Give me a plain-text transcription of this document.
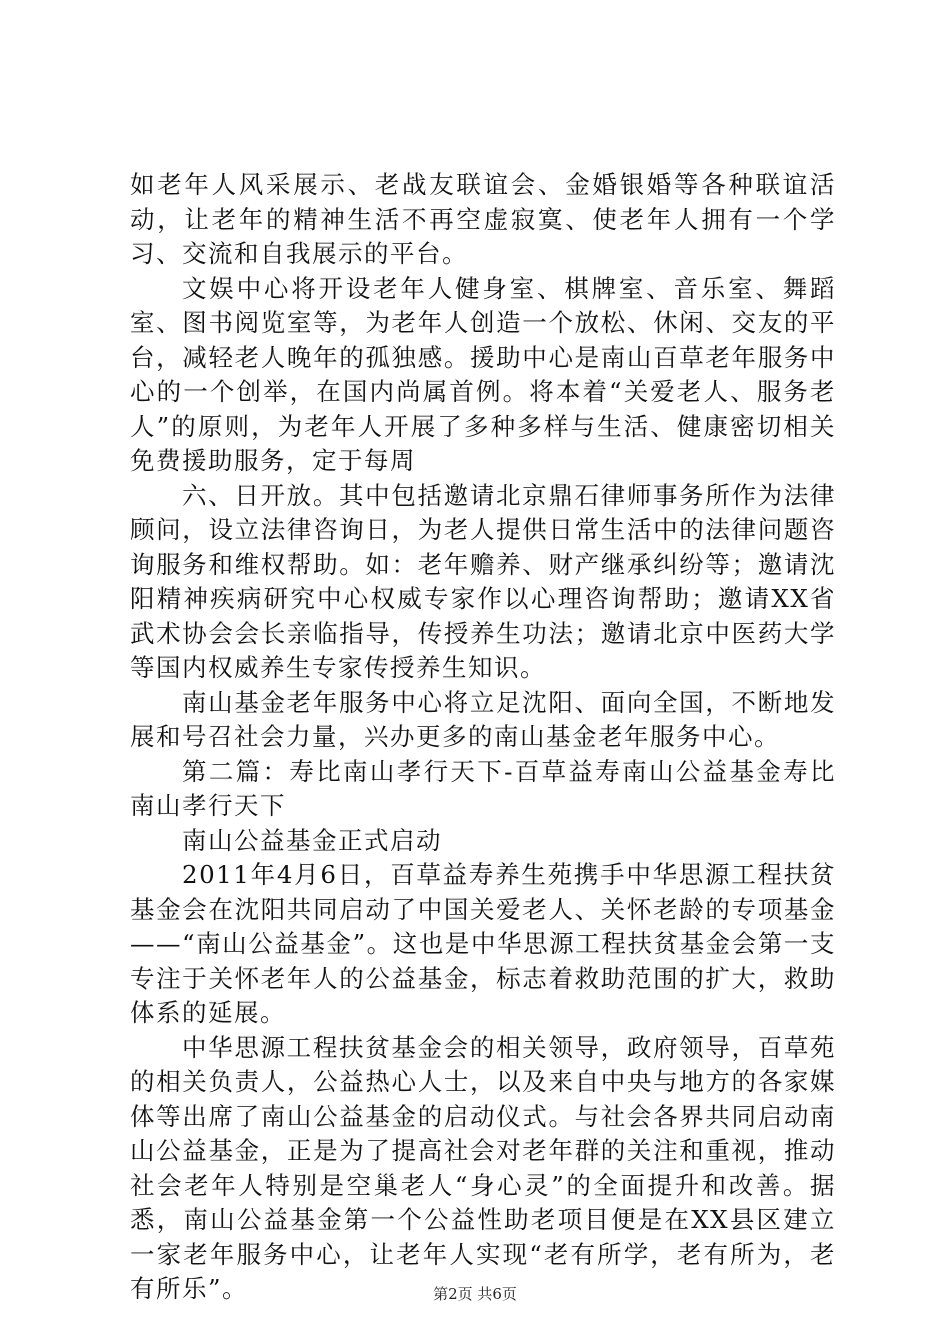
如老年人风采展示、老战友联谊会、金婚银婚等各种联谊活动，让老年的精神生活不再空虚寂寞、使老年人拥有一个学习、交流和自我展示的平台。

文娱中心将开设老年人健身室、棋牌室、音乐室、舞蹈室、图书阅览室等，为老年人创造一个放松、休闲、交友的平台，减轻老人晚年的孤独感。援助中心是南山百草老年服务中心的一个创举，在国内尚属首例。将本着“关爱老人、服务老人”的原则，为老年人开展了多种多样与生活、健康密切相关免费援助服务，定于每周

六、日开放。其中包括邀请北京鼎石律师事务所作为法律顾问，设立法律咨询日，为老人提供日常生活中的法律问题咨询服务和维权帮助。如：老年赡养、财产继承纠纷等；邀请沈阳精神疾病研究中心权威专家作以心理咨询帮助；邀请XX省武术协会会长亲临指导，传授养生功法；邀请北京中医药大学等国内权威养生专家传授养生知识。

南山基金老年服务中心将立足沈阳、面向全国，不断地发展和号召社会力量，兴办更多的南山基金老年服务中心。

第二篇：寿比南山孝行天下-百草益寿南山公益基金寿比南山孝行天下

南山公益基金正式启动

2011年4月6日，百草益寿养生苑携手中华思源工程扶贫基金会在沈阳共同启动了中国关爱老人、关怀老龄的专项基金——“南山公益基金”。这也是中华思源工程扶贫基金会第一支专注于关怀老年人的公益基金，标志着救助范围的扩大，救助体系的延展。

中华思源工程扶贫基金会的相关领导，政府领导，百草苑的相关负责人，公益热心人士，以及来自中央与地方的各家媒体等出席了南山公益基金的启动仪式。与社会各界共同启动南山公益基金，正是为了提高社会对老年群的关注和重视，推动社会老年人特别是空巢老人“身心灵”的全面提升和改善。据悉，南山公益基金第一个公益性助老项目便是在XX县区建立一家老年服务中心，让老年人实现“老有所学，老有所为，老有所乐”。	第2页 共6页
